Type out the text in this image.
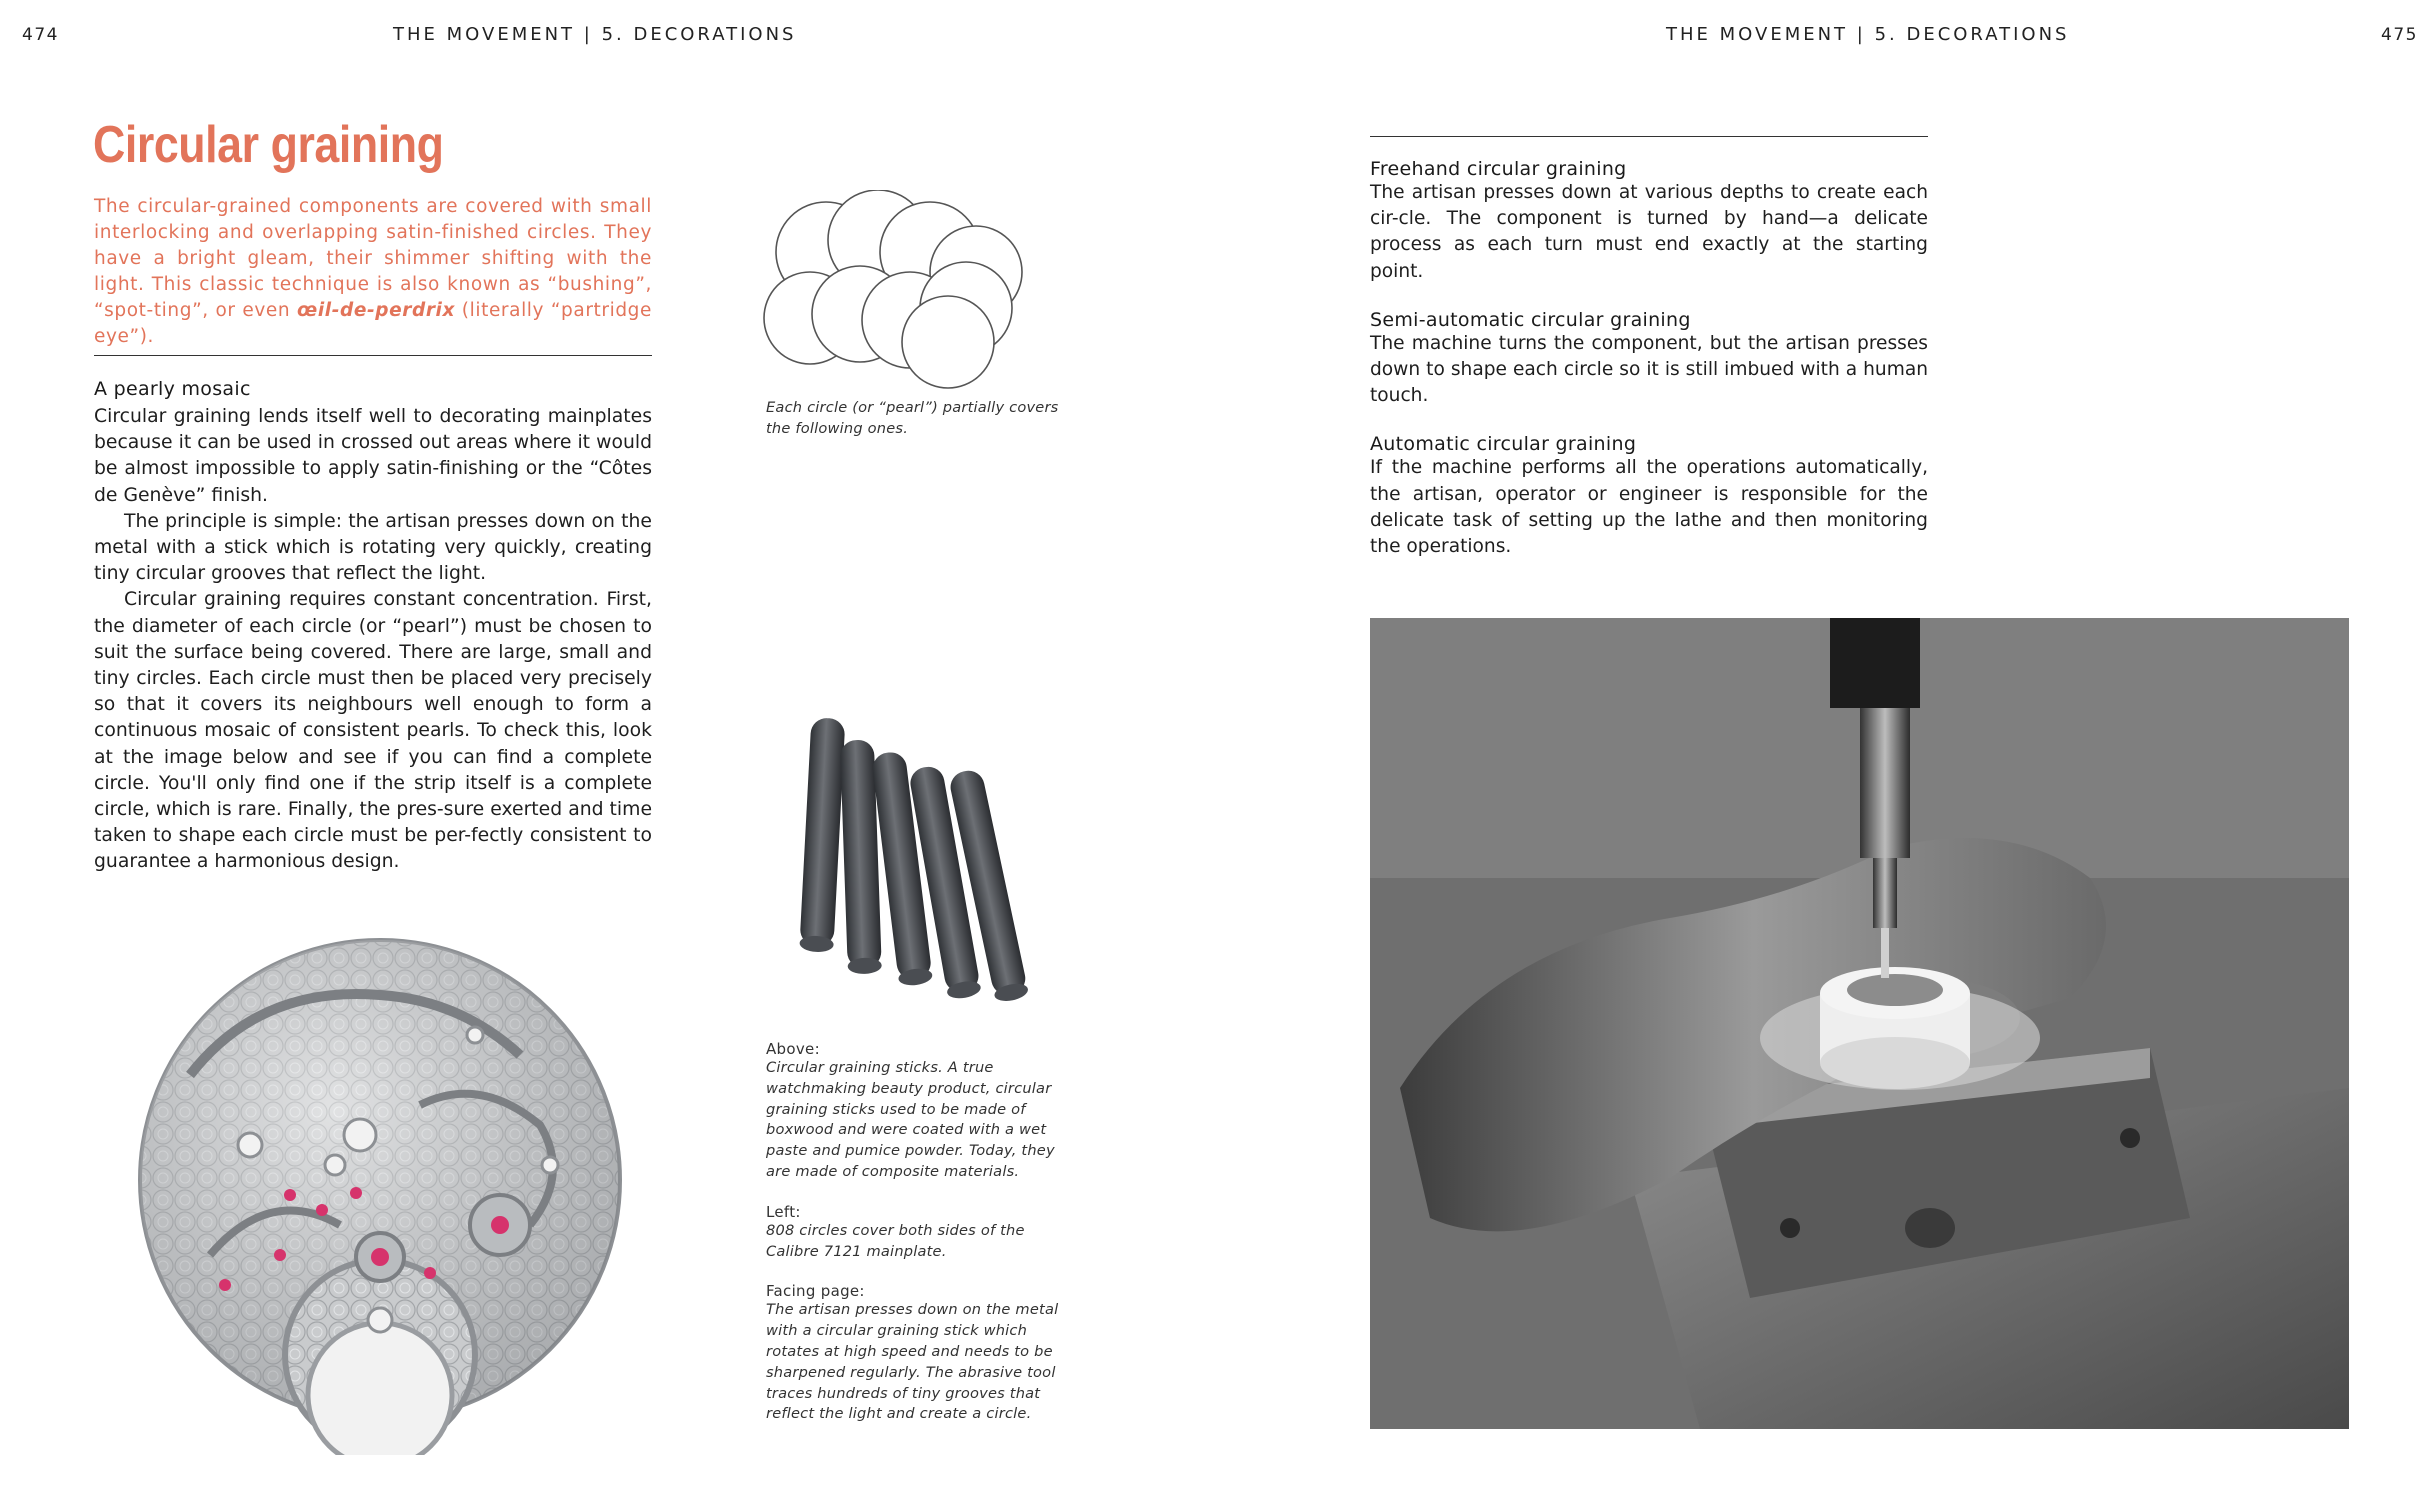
474	THE MOVEMENT | 5. DECORATIONS	THE MOVEMENT | 5. DECORATIONS	475
Circular graining
The circular-grained components are covered with small interlocking and overlapping satin-finished circles. They have a bright gleam, their shimmer shifting with the light. This classic technique is also known as “bushing”, “spot-ting”, or even œil-de-perdrix (literally “partridge eye”).
A pearly mosaic

Circular graining lends itself well to decorating mainplates because it can be used in crossed out areas where it would be almost impossible to apply satin-finishing or the “Côtes de Genève” finish.

The principle is simple: the artisan presses down on the metal with a stick which is rotating very quickly, creating tiny circular grooves that reflect the light.

Circular graining requires constant concentration. First, the diameter of each circle (or “pearl”) must be chosen to suit the surface being covered. There are large, small and tiny circles. Each circle must then be placed very precisely so that it covers its neighbours well enough to form a continuous mosaic of consistent pearls. To check this, look at the image below and see if you can find a complete circle. You'll only find one if the strip itself is a complete circle, which is rare. Finally, the pres-sure exerted and time taken to shape each circle must be per-fectly consistent to guarantee a harmonious design.

Each circle (or “pearl”) partially covers the following ones.
Above:
Circular graining sticks. A true watchmaking beauty product, circular graining sticks used to be made of boxwood and were coated with a wet paste and pumice powder. Today, they are made of composite materials.
Left:
808 circles cover both sides of the Calibre 7121 mainplate.
Facing page:
The artisan presses down on the metal with a circular graining stick which rotates at high speed and needs to be sharpened regularly. The abrasive tool traces hundreds of tiny grooves that reflect the light and create a circle.
Freehand circular graining
The artisan presses down at various depths to create each cir-cle. The component is turned by hand—a delicate process as each turn must end exactly at the starting point.
Semi-automatic circular graining
The machine turns the component, but the artisan presses down to shape each circle so it is still imbued with a human touch.
Automatic circular graining
If the machine performs all the operations automatically, the artisan, operator or engineer is responsible for the delicate task of setting up the lathe and then monitoring the operations.
